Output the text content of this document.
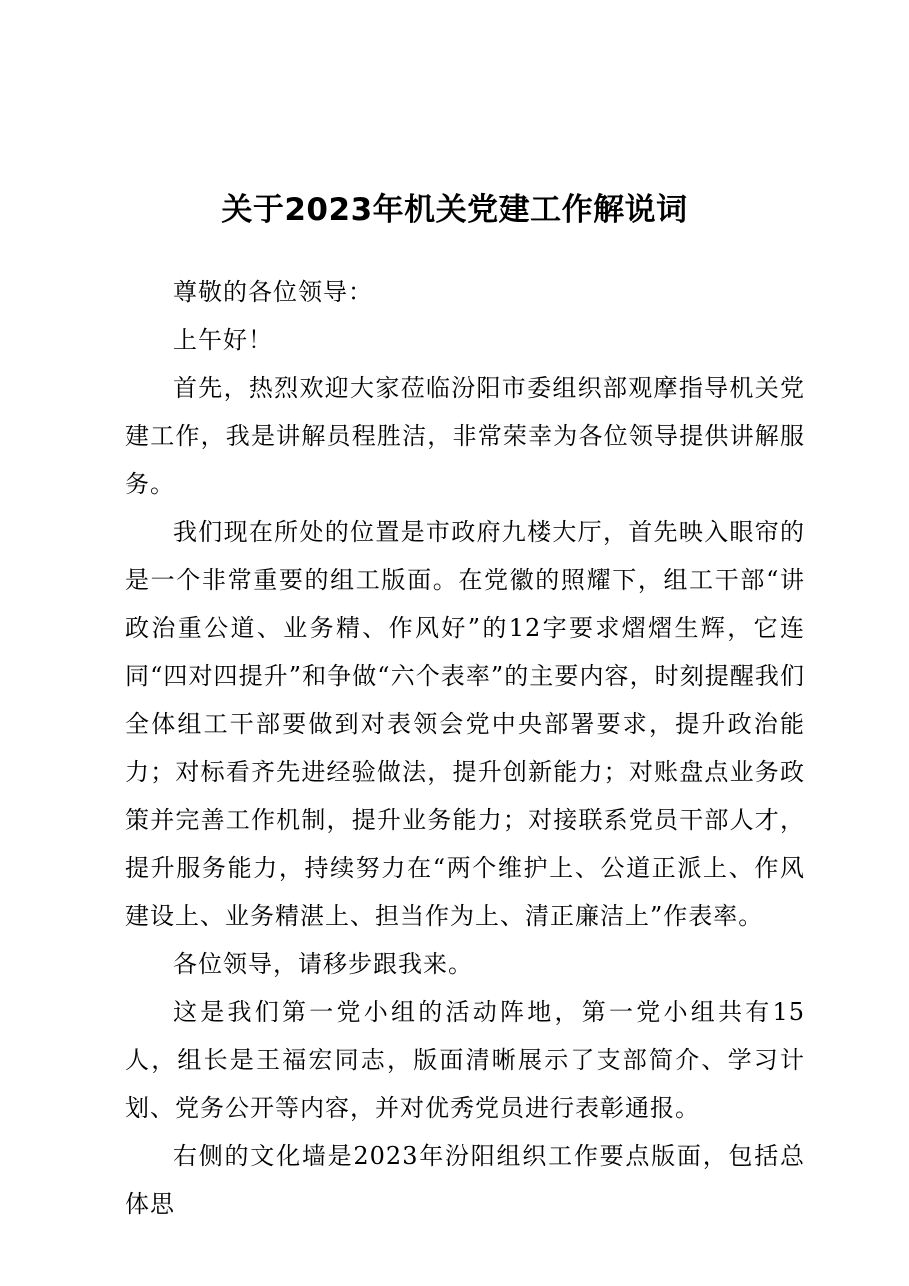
关于2023年机关党建工作解说词

尊敬的各位领导：

上午好！

首先，热烈欢迎大家莅临汾阳市委组织部观摩指导机关党建工作，我是讲解员程胜洁，非常荣幸为各位领导提供讲解服务。

我们现在所处的位置是市政府九楼大厅，首先映入眼帘的是一个非常重要的组工版面。在党徽的照耀下，组工干部“讲政治重公道、业务精、作风好”的12字要求熠熠生辉，它连同“四对四提升”和争做“六个表率”的主要内容，时刻提醒我们全体组工干部要做到对表领会党中央部署要求，提升政治能力；对标看齐先进经验做法，提升创新能力；对账盘点业务政策并完善工作机制，提升业务能力；对接联系党员干部人才，提升服务能力，持续努力在“两个维护上、公道正派上、作风建设上、业务精湛上、担当作为上、清正廉洁上”作表率。

各位领导，请移步跟我来。

这是我们第一党小组的活动阵地，第一党小组共有15人，组长是王福宏同志，版面清晰展示了支部简介、学习计划、党务公开等内容，并对优秀党员进行表彰通报。

右侧的文化墙是2023年汾阳组织工作要点版面，包括总体思
